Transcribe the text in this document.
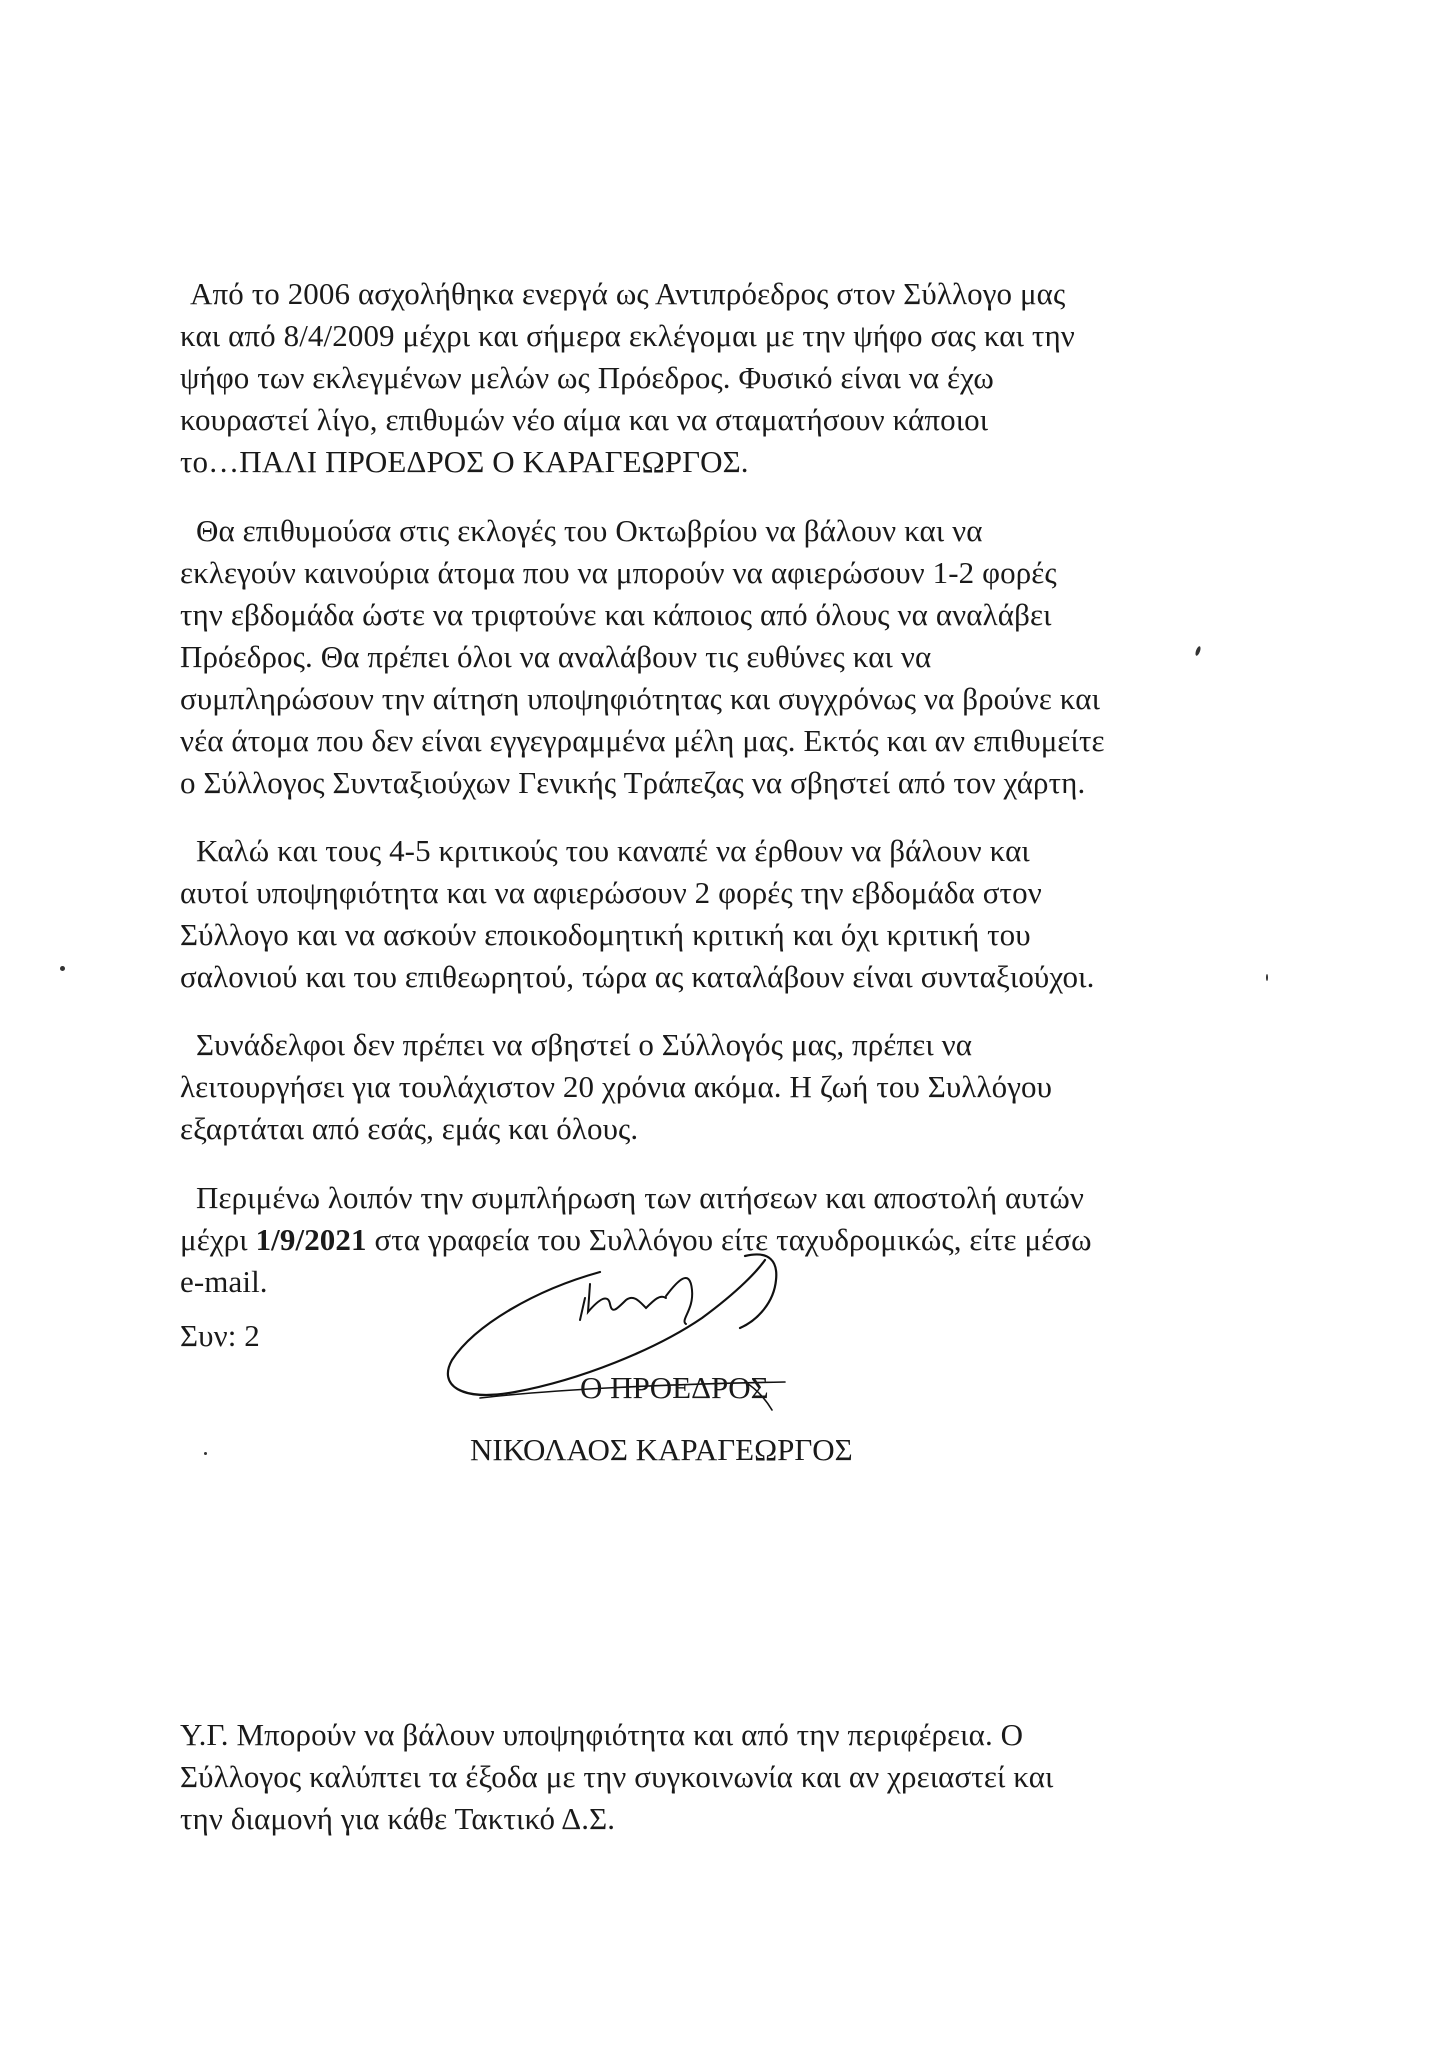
Από το 2006 ασχολήθηκα ενεργά ως Αντιπρόεδρος στον Σύλλογο μας
και από 8/4/2009 μέχρι και σήμερα εκλέγομαι με την ψήφο σας και την
ψήφο των εκλεγμένων μελών ως Πρόεδρος. Φυσικό είναι να έχω
κουραστεί λίγο, επιθυμών νέο αίμα και να σταματήσουν κάποιοι
το…ΠΑΛΙ ΠΡΟΕΔΡΟΣ Ο ΚΑΡΑΓΕΩΡΓΟΣ.
Θα επιθυμούσα στις εκλογές του Οκτωβρίου να βάλουν και να
εκλεγούν καινούρια άτομα που να μπορούν να αφιερώσουν 1-2 φορές
την εβδομάδα ώστε να τριφτούνε και κάποιος από όλους να αναλάβει
Πρόεδρος. Θα πρέπει όλοι να αναλάβουν τις ευθύνες και να
συμπληρώσουν την αίτηση υποψηφιότητας και συγχρόνως να βρούνε και
νέα άτομα που δεν είναι εγγεγραμμένα μέλη μας. Εκτός και αν επιθυμείτε
ο Σύλλογος Συνταξιούχων Γενικής Τράπεζας να σβηστεί από τον χάρτη.
Καλώ και τους 4-5 κριτικούς του καναπέ να έρθουν να βάλουν και
αυτοί υποψηφιότητα και να αφιερώσουν 2 φορές την εβδομάδα στον
Σύλλογο και να ασκούν εποικοδομητική κριτική και όχι κριτική του
σαλονιού και του επιθεωρητού, τώρα ας καταλάβουν είναι συνταξιούχοι.
Συνάδελφοι δεν πρέπει να σβηστεί ο Σύλλογός μας, πρέπει να
λειτουργήσει για τουλάχιστον 20 χρόνια ακόμα. Η ζωή του Συλλόγου
εξαρτάται από εσάς, εμάς και όλους.
Περιμένω λοιπόν την συμπλήρωση των αιτήσεων και αποστολή αυτών
μέχρι 1/9/2021 στα γραφεία του Συλλόγου είτε ταχυδρομικώς, είτε μέσω
e-mail.
Συν: 2
Ο ΠΡΟΕΔΡΟΣ
ΝΙΚΟΛΑΟΣ ΚΑΡΑΓΕΩΡΓΟΣ
Υ.Γ. Μπορούν να βάλουν υποψηφιότητα και από την περιφέρεια. Ο
Σύλλογος καλύπτει τα έξοδα με την συγκοινωνία και αν χρειαστεί και
την διαμονή για κάθε Τακτικό Δ.Σ.
